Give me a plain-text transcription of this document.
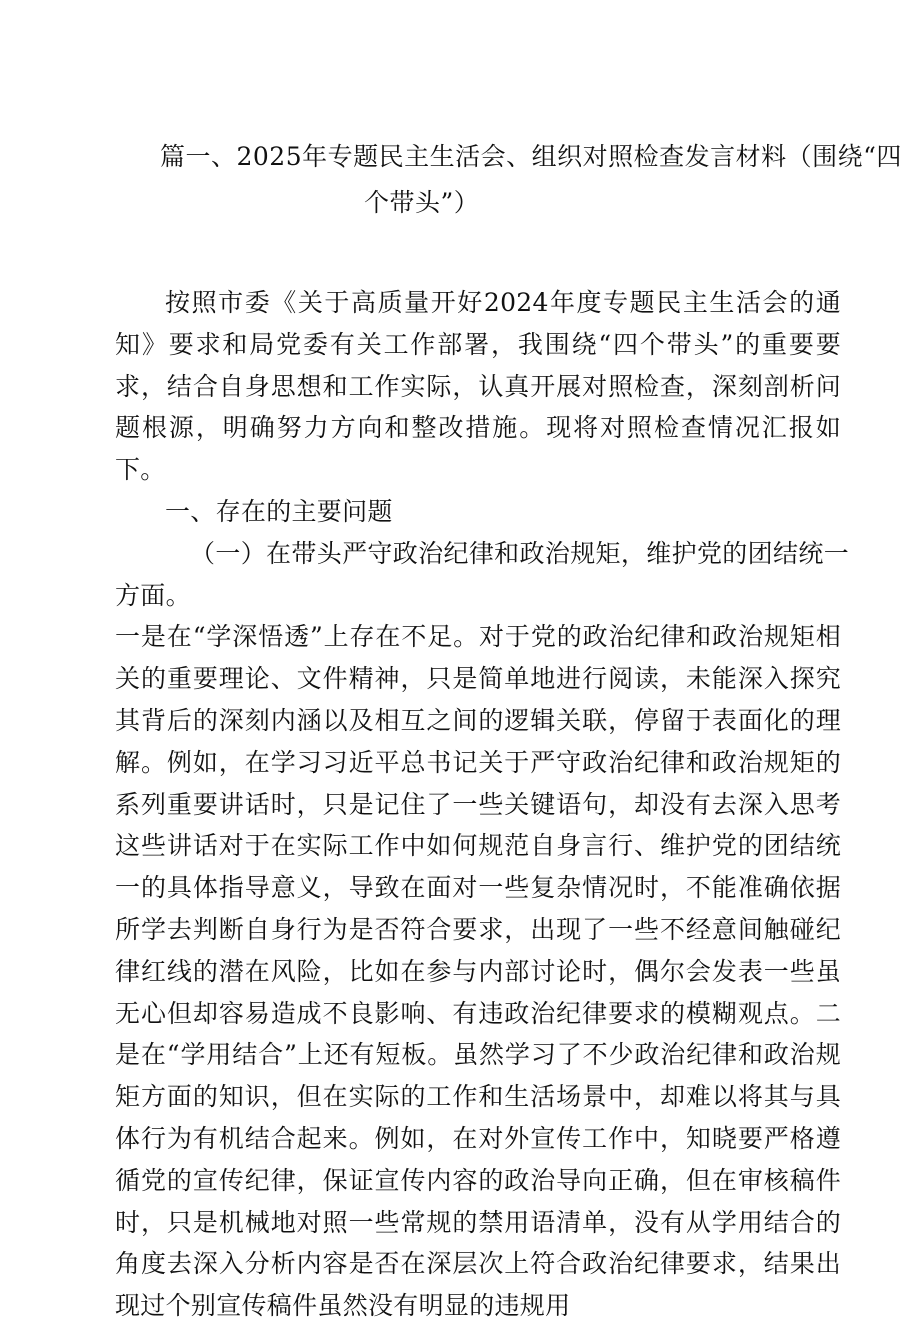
篇一、2025年专题民主生活会、组织对照检查发言材料（围绕“四
个带头”）

按照市委《关于高质量开好2024年度专题民主生活会的通知》要求和局党委有关工作部署，我围绕“四个带头”的重要要求，结合自身思想和工作实际，认真开展对照检查，深刻剖析问题根源，明确努力方向和整改措施。现将对照检查情况汇报如下。

一、存在的主要问题

（一）在带头严守政治纪律和政治规矩，维护党的团结统一方面。

一是在“学深悟透”上存在不足。对于党的政治纪律和政治规矩相关的重要理论、文件精神，只是简单地进行阅读，未能深入探究其背后的深刻内涵以及相互之间的逻辑关联，停留于表面化的理解。例如，在学习习近平总书记关于严守政治纪律和政治规矩的系列重要讲话时，只是记住了一些关键语句，却没有去深入思考这些讲话对于在实际工作中如何规范自身言行、维护党的团结统一的具体指导意义，导致在面对一些复杂情况时，不能准确依据所学去判断自身行为是否符合要求，出现了一些不经意间触碰纪律红线的潜在风险，比如在参与内部讨论时，偶尔会发表一些虽无心但却容易造成不良影响、有违政治纪律要求的模糊观点。二是在“学用结合”上还有短板。虽然学习了不少政治纪律和政治规矩方面的知识，但在实际的工作和生活场景中，却难以将其与具体行为有机结合起来。例如，在对外宣传工作中，知晓要严格遵循党的宣传纪律，保证宣传内容的政治导向正确，但在审核稿件时，只是机械地对照一些常规的禁用语清单，没有从学用结合的角度去深入分析内容是否在深层次上符合政治纪律要求，结果出现过个别宣传稿件虽然没有明显的违规用
